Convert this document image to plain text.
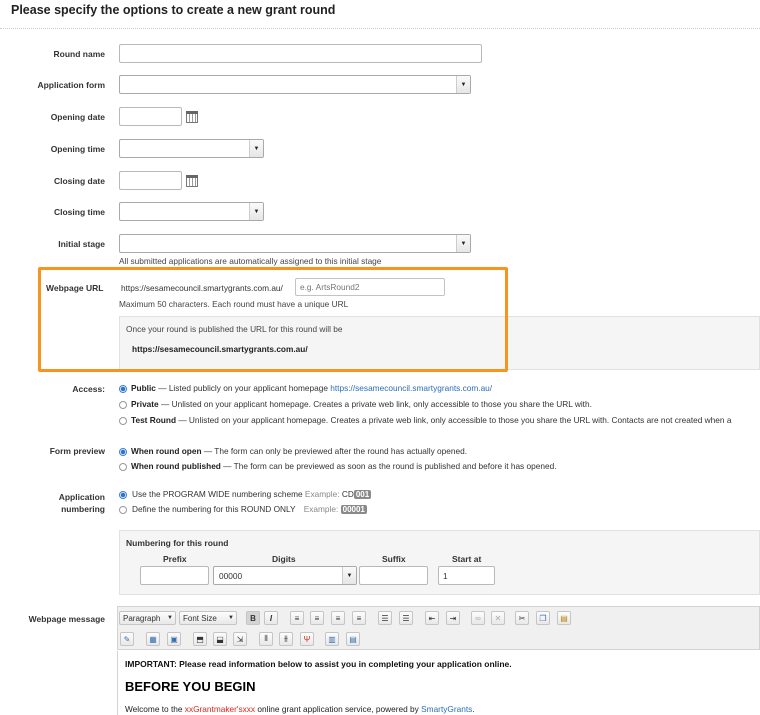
Please specify the options to create a new grant round
Round name
Application form	▼
Opening date
Opening time	▼
Closing date
Closing time	▼
Initial stage	▼
All submitted applications are automatically assigned to this initial stage
Webpage URL https://sesamecouncil.smartygrants.com.au/
e.g. ArtsRound2
Maximum 50 characters. Each round must have a unique URL
Once your round is published the URL for this round will be
https://sesamecouncil.smartygrants.com.au/
Access:	Public — Listed publicly on your applicant homepage https://sesamecouncil.smartygrants.com.au/
Private — Unlisted on your applicant homepage. Creates a private web link, only accessible to those you share the URL with.
Test Round — Unlisted on your applicant homepage. Creates a private web link, only accessible to those you share the URL with. Contacts are not created when a
Form preview	When round open — The form can only be previewed after the round has actually opened.
When round published — The form can be previewed as soon as the round is published and before it has opened.
Application
numbering
Use the PROGRAM WIDE numbering scheme Example: CD 001
Define the numbering for this ROUND ONLY Example: 00001
Numbering for this round
Prefix	Digits	Suffix	Start at
00000	▼	1
Webpage message Paragraph ▼ Font Size ▼	B	I	≡	≡	≡	≡	☰	☰	⇤	⇥	∞	✕	✂	❐	▤
✎	▦	▣	⬒	⬓	⇲	⫴	⫵	Ψ	▥	▤
IMPORTANT: Please read information below to assist you in completing your application online.
BEFORE YOU BEGIN
Welcome to the xxGrantmaker'sxxx online grant application service, powered by SmartyGrants.
